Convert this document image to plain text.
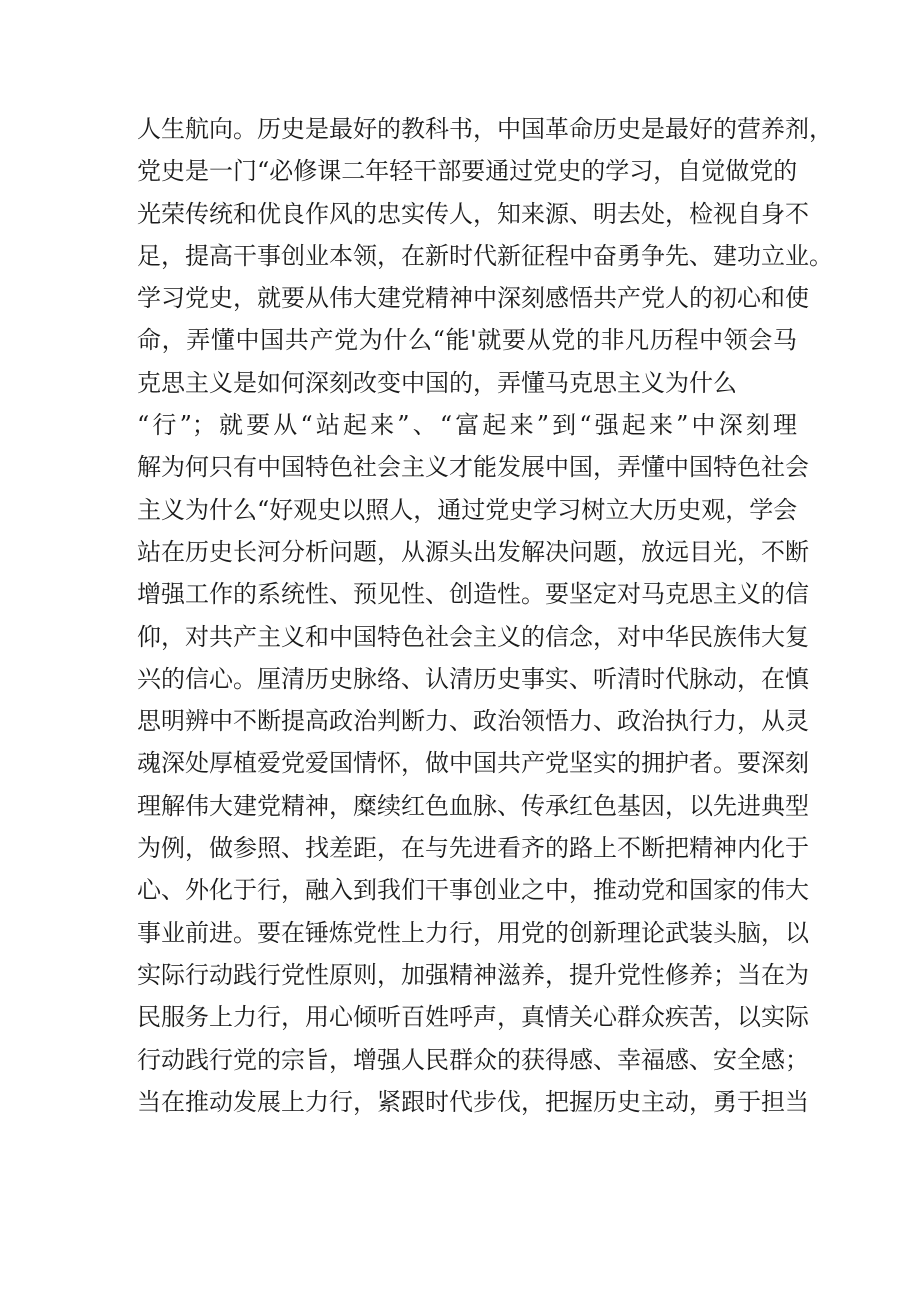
人生航向。历史是最好的教科书，中国革命历史是最好的营养剂，
党史是一门“必修课二年轻干部要通过党史的学习，自觉做党的
光荣传统和优良作风的忠实传人，知来源、明去处，检视自身不
足，提高干事创业本领，在新时代新征程中奋勇争先、建功立业。
学习党史，就要从伟大建党精神中深刻感悟共产党人的初心和使
命，弄懂中国共产党为什么“能'就要从党的非凡历程中领会马
克思主义是如何深刻改变中国的，弄懂马克思主义为什么
“行”；就要从“站起来”、“富起来”到“强起来”中深刻理
解为何只有中国特色社会主义才能发展中国，弄懂中国特色社会
主义为什么“好观史以照人，通过党史学习树立大历史观，学会
站在历史长河分析问题，从源头出发解决问题，放远目光，不断
增强工作的系统性、预见性、创造性。要坚定对马克思主义的信
仰，对共产主义和中国特色社会主义的信念，对中华民族伟大复
兴的信心。厘清历史脉络、认清历史事实、听清时代脉动，在慎
思明辨中不断提高政治判断力、政治领悟力、政治执行力，从灵
魂深处厚植爱党爱国情怀，做中国共产党坚实的拥护者。要深刻
理解伟大建党精神，糜续红色血脉、传承红色基因，以先进典型
为例，做参照、找差距，在与先进看齐的路上不断把精神内化于
心、外化于行，融入到我们干事创业之中，推动党和国家的伟大
事业前进。要在锤炼党性上力行，用党的创新理论武装头脑，以
实际行动践行党性原则，加强精神滋养，提升党性修养；当在为
民服务上力行，用心倾听百姓呼声，真情关心群众疾苦，以实际
行动践行党的宗旨，增强人民群众的获得感、幸福感、安全感；
当在推动发展上力行，紧跟时代步伐，把握历史主动，勇于担当
